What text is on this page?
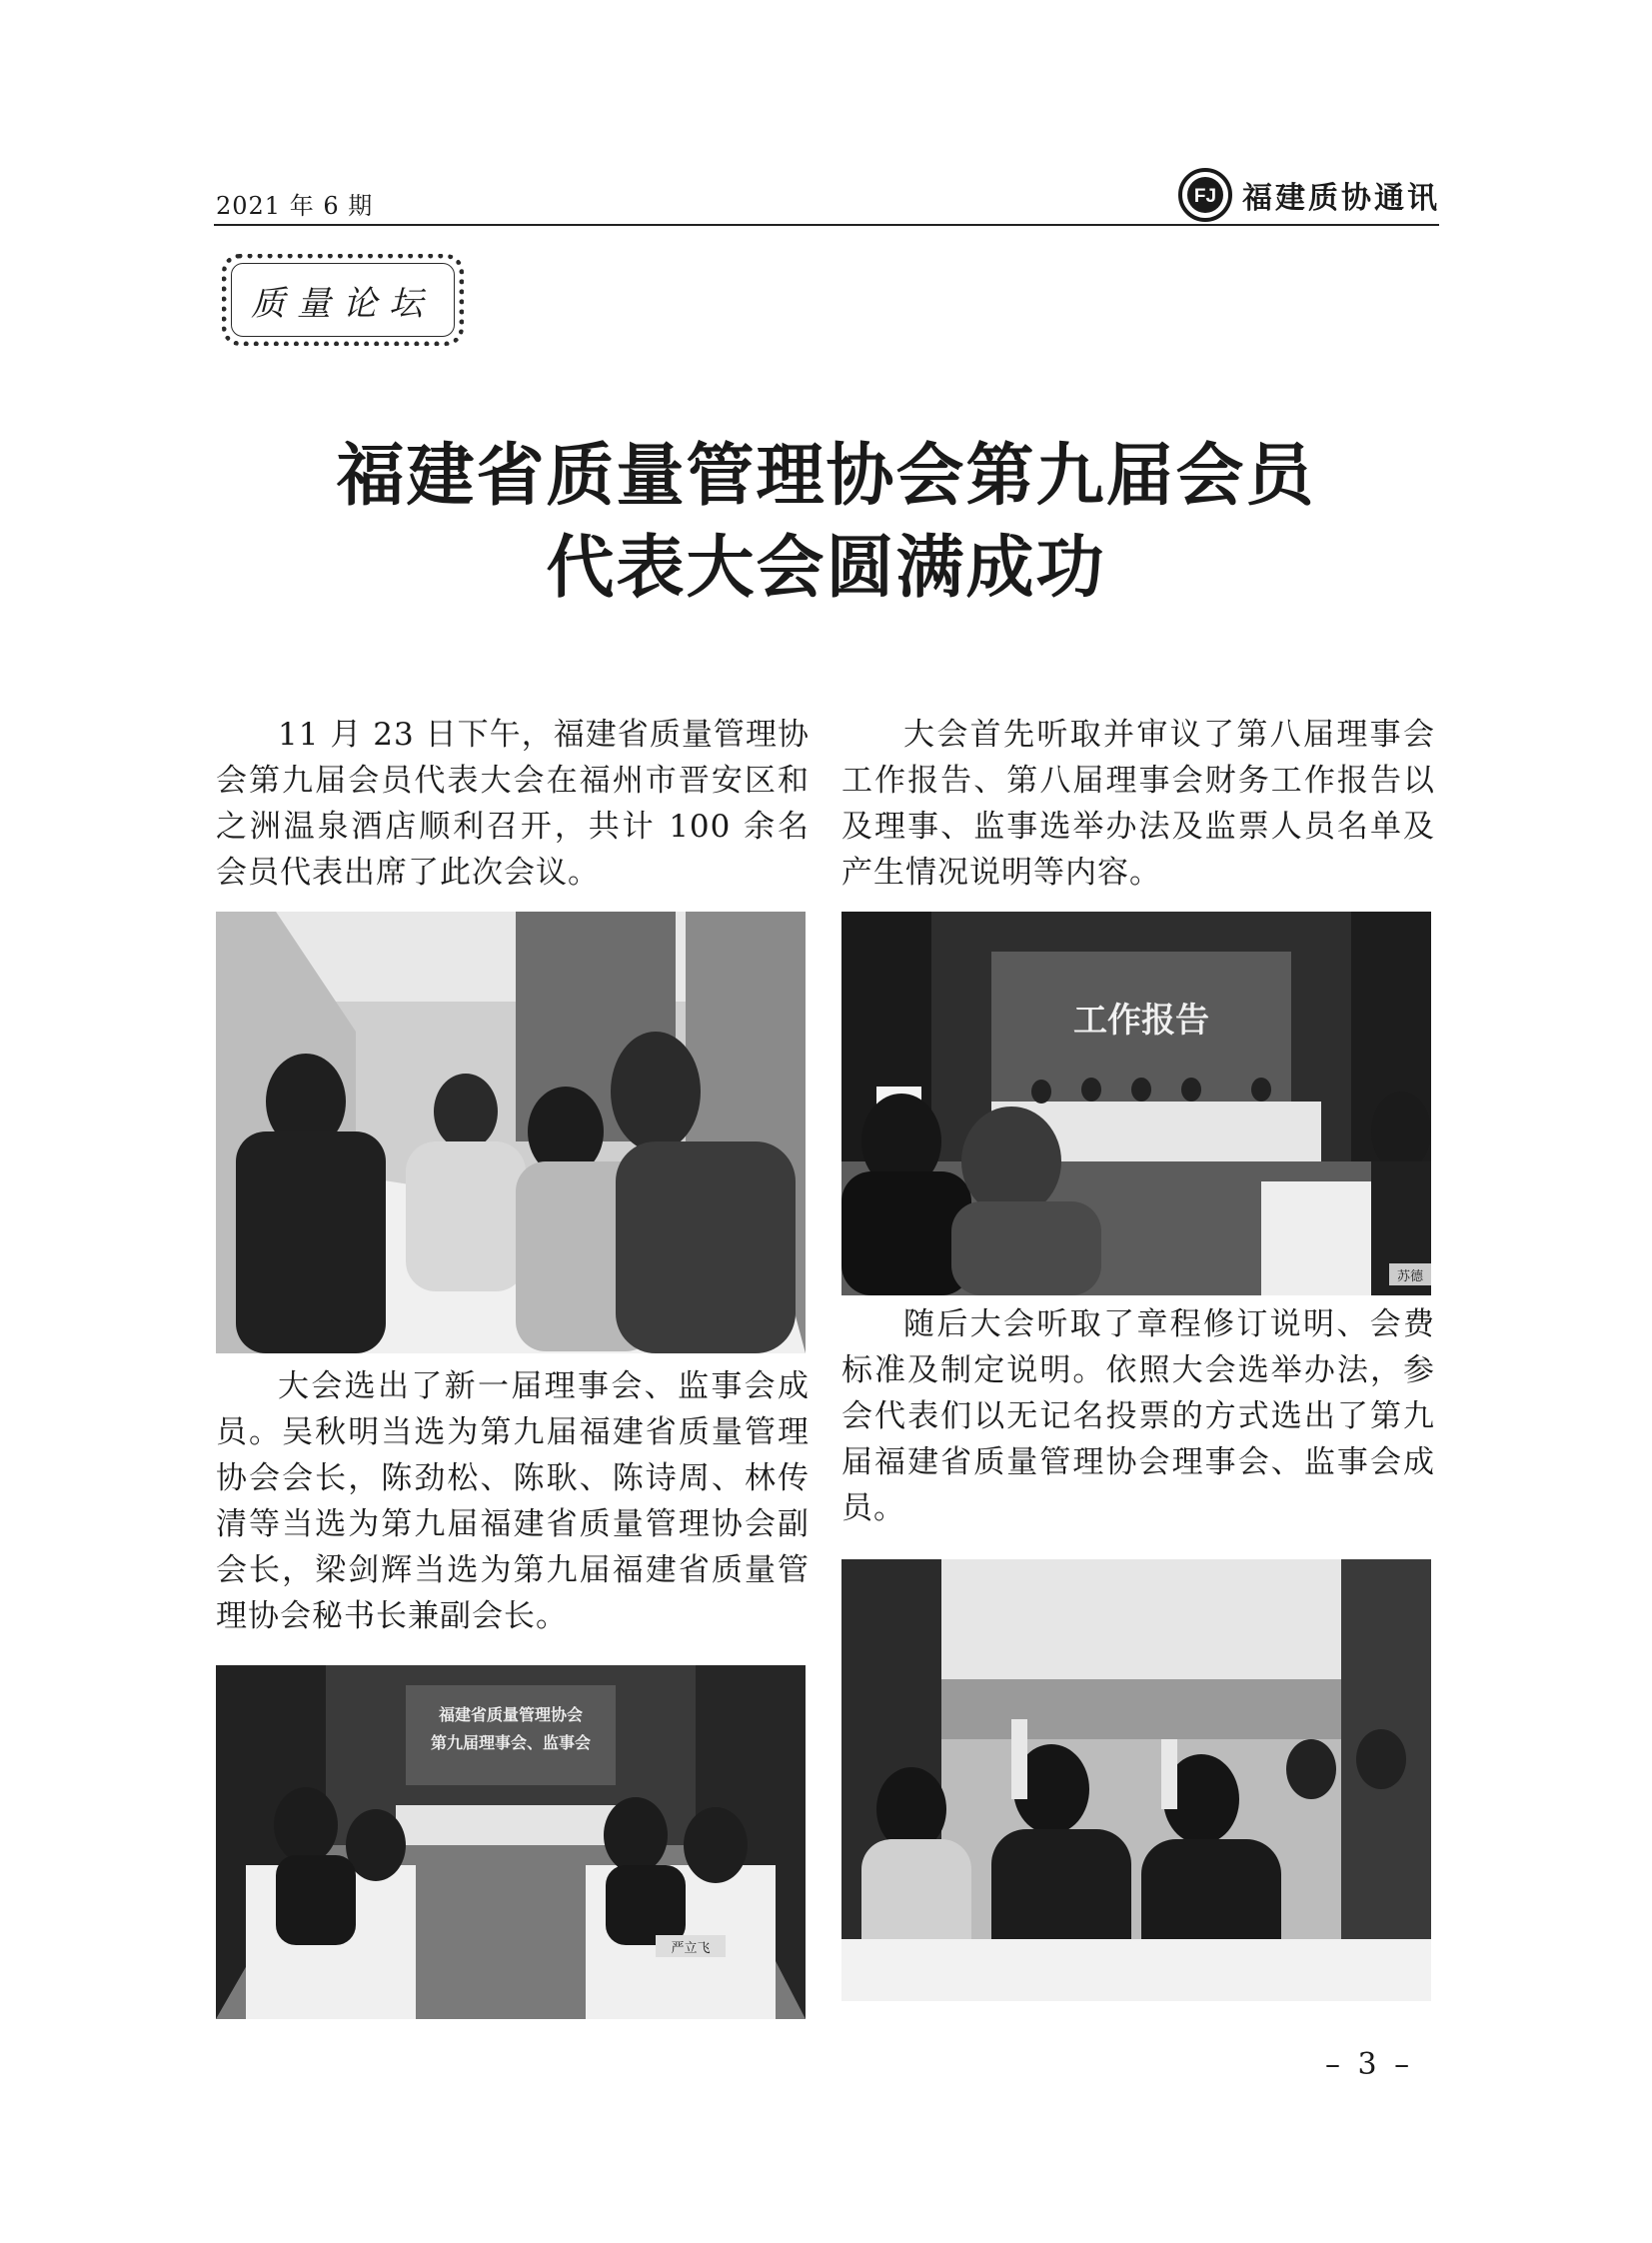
2021 年 6 期	FJ 福建质协通讯
质量论坛
福建省质量管理协会第九届会员
代表大会圆满成功

11 月 23 日下午，福建省质量管理协会第九届会员代表大会在福州市晋安区和之洲温泉酒店顺利召开，共计 100 余名会员代表出席了此次会议。

大会选出了新一届理事会、监事会成员。吴秋明当选为第九届福建省质量管理协会会长，陈劲松、陈耿、陈诗周、林传清等当选为第九届福建省质量管理协会副会长，梁剑辉当选为第九届福建省质量管理协会秘书长兼副会长。

大会首先听取并审议了第八届理事会工作报告、第八届理事会财务工作报告以及理事、监事选举办法及监票人员名单及产生情况说明等内容。

随后大会听取了章程修订说明、会费标准及制定说明。依照大会选举办法，参会代表们以无记名投票的方式选出了第九届福建省质量管理协会理事会、监事会成员。

工作报告
苏德
福建省质量管理协会
第九届理事会、监事会
严立飞
– 3 –
